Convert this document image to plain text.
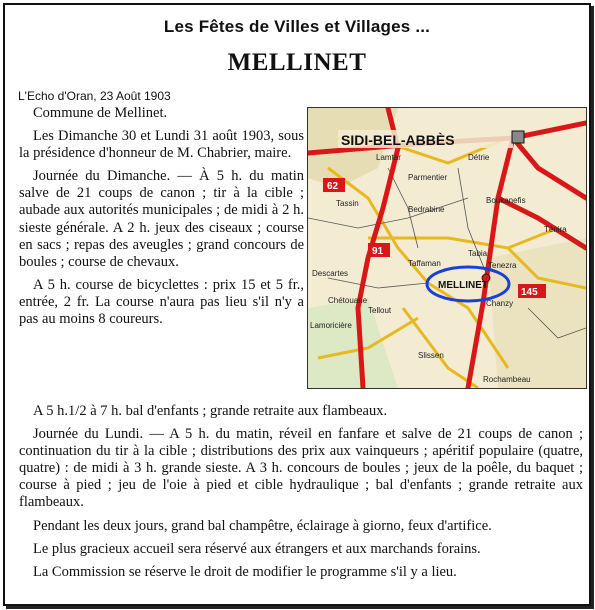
Les Fêtes de Villes et Villages ...
MELLINET
L'Echo d'Oran, 23 Août 1903

Commune de Mellinet.

Les Dimanche 30 et Lundi 31 août 1903, sous la présidence d'honneur de M. Chabrier, maire.

Journée du Dimanche. — À 5 h. du matin salve de 21 coups de canon ; tir à la cible ; aubade aux autorités municipales ; de midi à 2 h. sieste générale. A 2 h. jeux des ciseaux ; course en sacs ; repas des aveugles ; grand concours de boules ; course de chevaux.

A 5 h. course de bicyclettes : prix 15 et 5 fr., entrée, 2 fr. La course n'aura pas lieu s'il n'y a pas au moins 8 coureurs.

SIDI-BEL-ABBÈS
62
91
145
Lamtar
Parmentier
Détrie
Tassin
Bedrabine
Boukanefis
Ténira
Descartes
Taffaman
Tabia
Tenezra
Chétouane
Tellout
Chanzy
Lamoricière
Slissen
Rochambeau
MELLINET

A 5 h.1/2 à 7 h. bal d'enfants ; grande retraite aux flambeaux.

Journée du Lundi. — A 5 h. du matin, réveil en fanfare et salve de 21 coups de canon ; continuation du tir à la cible ; distributions des prix aux vainqueurs ; apéritif populaire (quatre, quatre) : de midi à 3 h. grande sieste. A 3 h. concours de boules ; jeux de la poêle, du baquet ; course à pied ; jeu de l'oie à pied et cible hydraulique ; bal d'enfants ; grande retraite aux flambeaux.

Pendant les deux jours, grand bal champêtre, éclairage à giorno, feux d'artifice.

Le plus gracieux accueil sera réservé aux étrangers et aux marchands forains.

La Commission se réserve le droit de modifier le programme s'il y a lieu.
